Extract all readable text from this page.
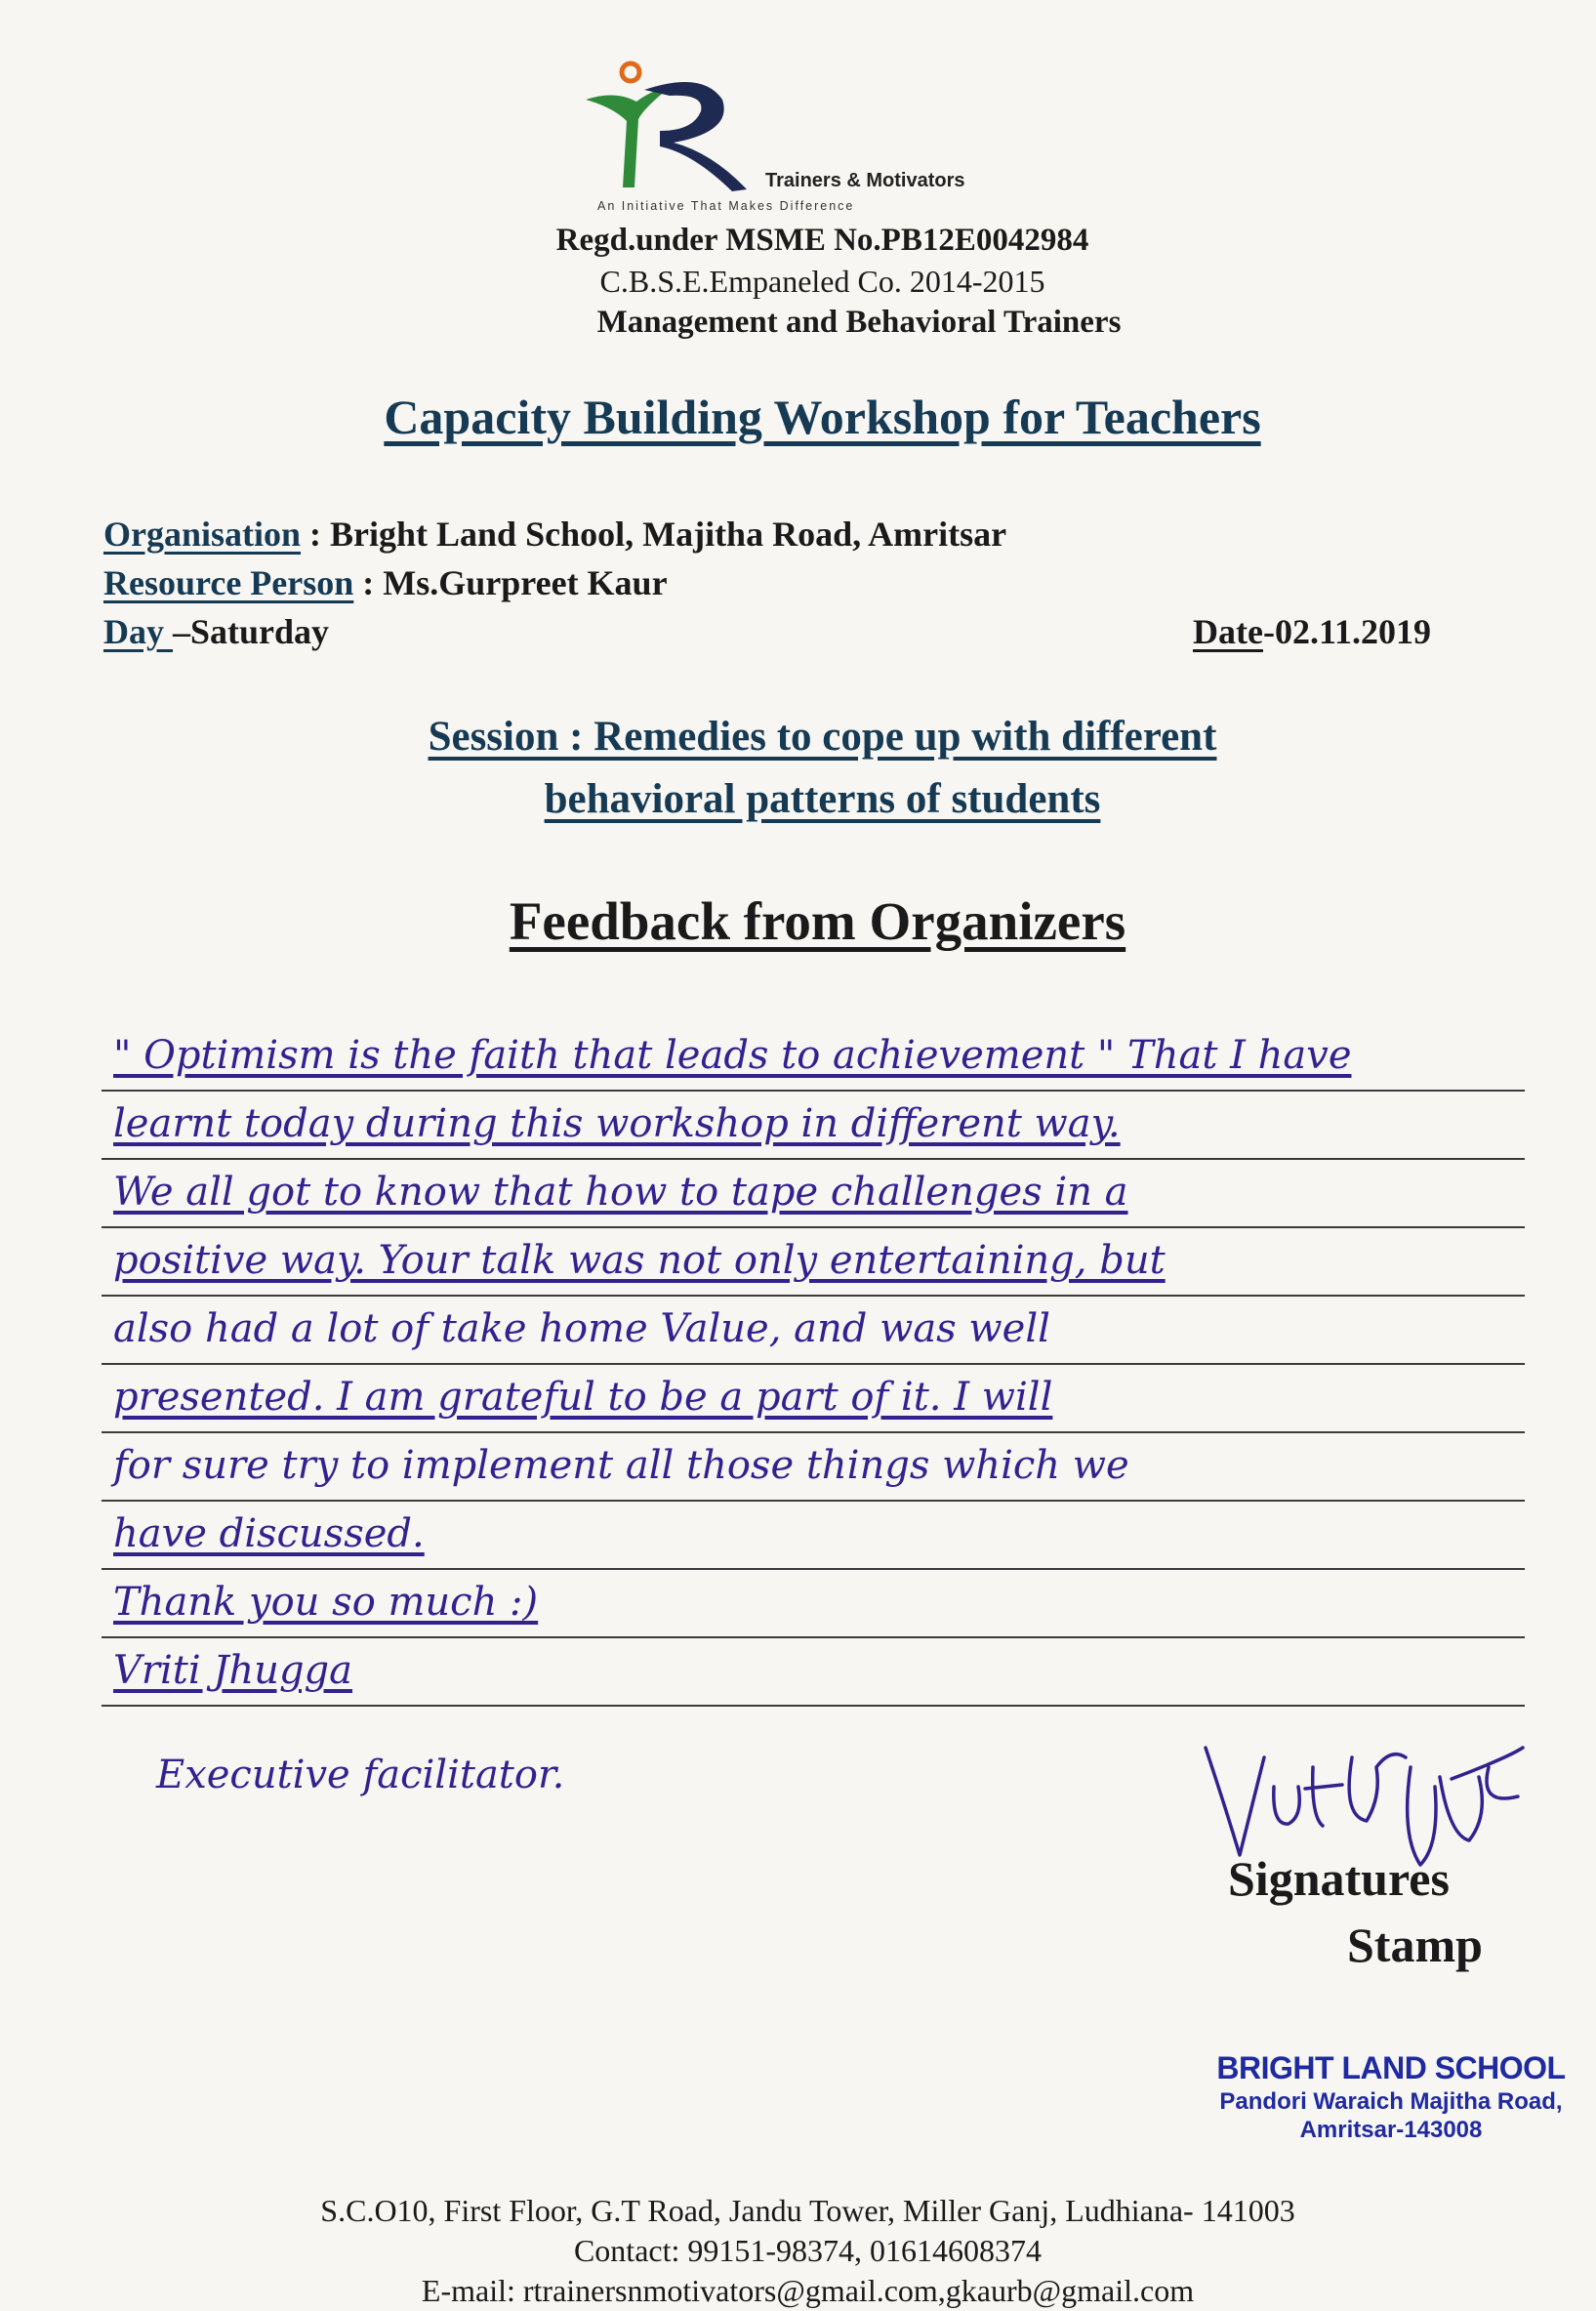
Trainers & Motivators
An Initiative That Makes Difference
Regd.under MSME No.PB12E0042984
C.B.S.E.Empaneled Co. 2014-2015
Management and Behavioral Trainers
Capacity Building Workshop for Teachers
Organisation : Bright Land School, Majitha Road, Amritsar
Resource Person : Ms.Gurpreet Kaur
Day –Saturday	Date-02.11.2019
Session : Remedies to cope up with different
behavioral patterns of students
Feedback from Organizers
" Optimism is the faith that leads to achievement " That I have
learnt today during this workshop in different way.
We all got to know that how to tape challenges in a
positive way. Your talk was not only entertaining, but
also had a lot of take home Value, and was well
presented. I am grateful to be a part of it. I will
for sure try to implement all those things which we
have discussed.
Thank you so much :)
Vriti Jhugga
Executive facilitator.
Signatures
Stamp
BRIGHT LAND SCHOOL
Pandori Waraich Majitha Road,
Amritsar-143008
S.C.O10, First Floor, G.T Road, Jandu Tower, Miller Ganj, Ludhiana- 141003
Contact: 99151-98374, 01614608374
E-mail: rtrainersnmotivators@gmail.com,gkaurb@gmail.com
